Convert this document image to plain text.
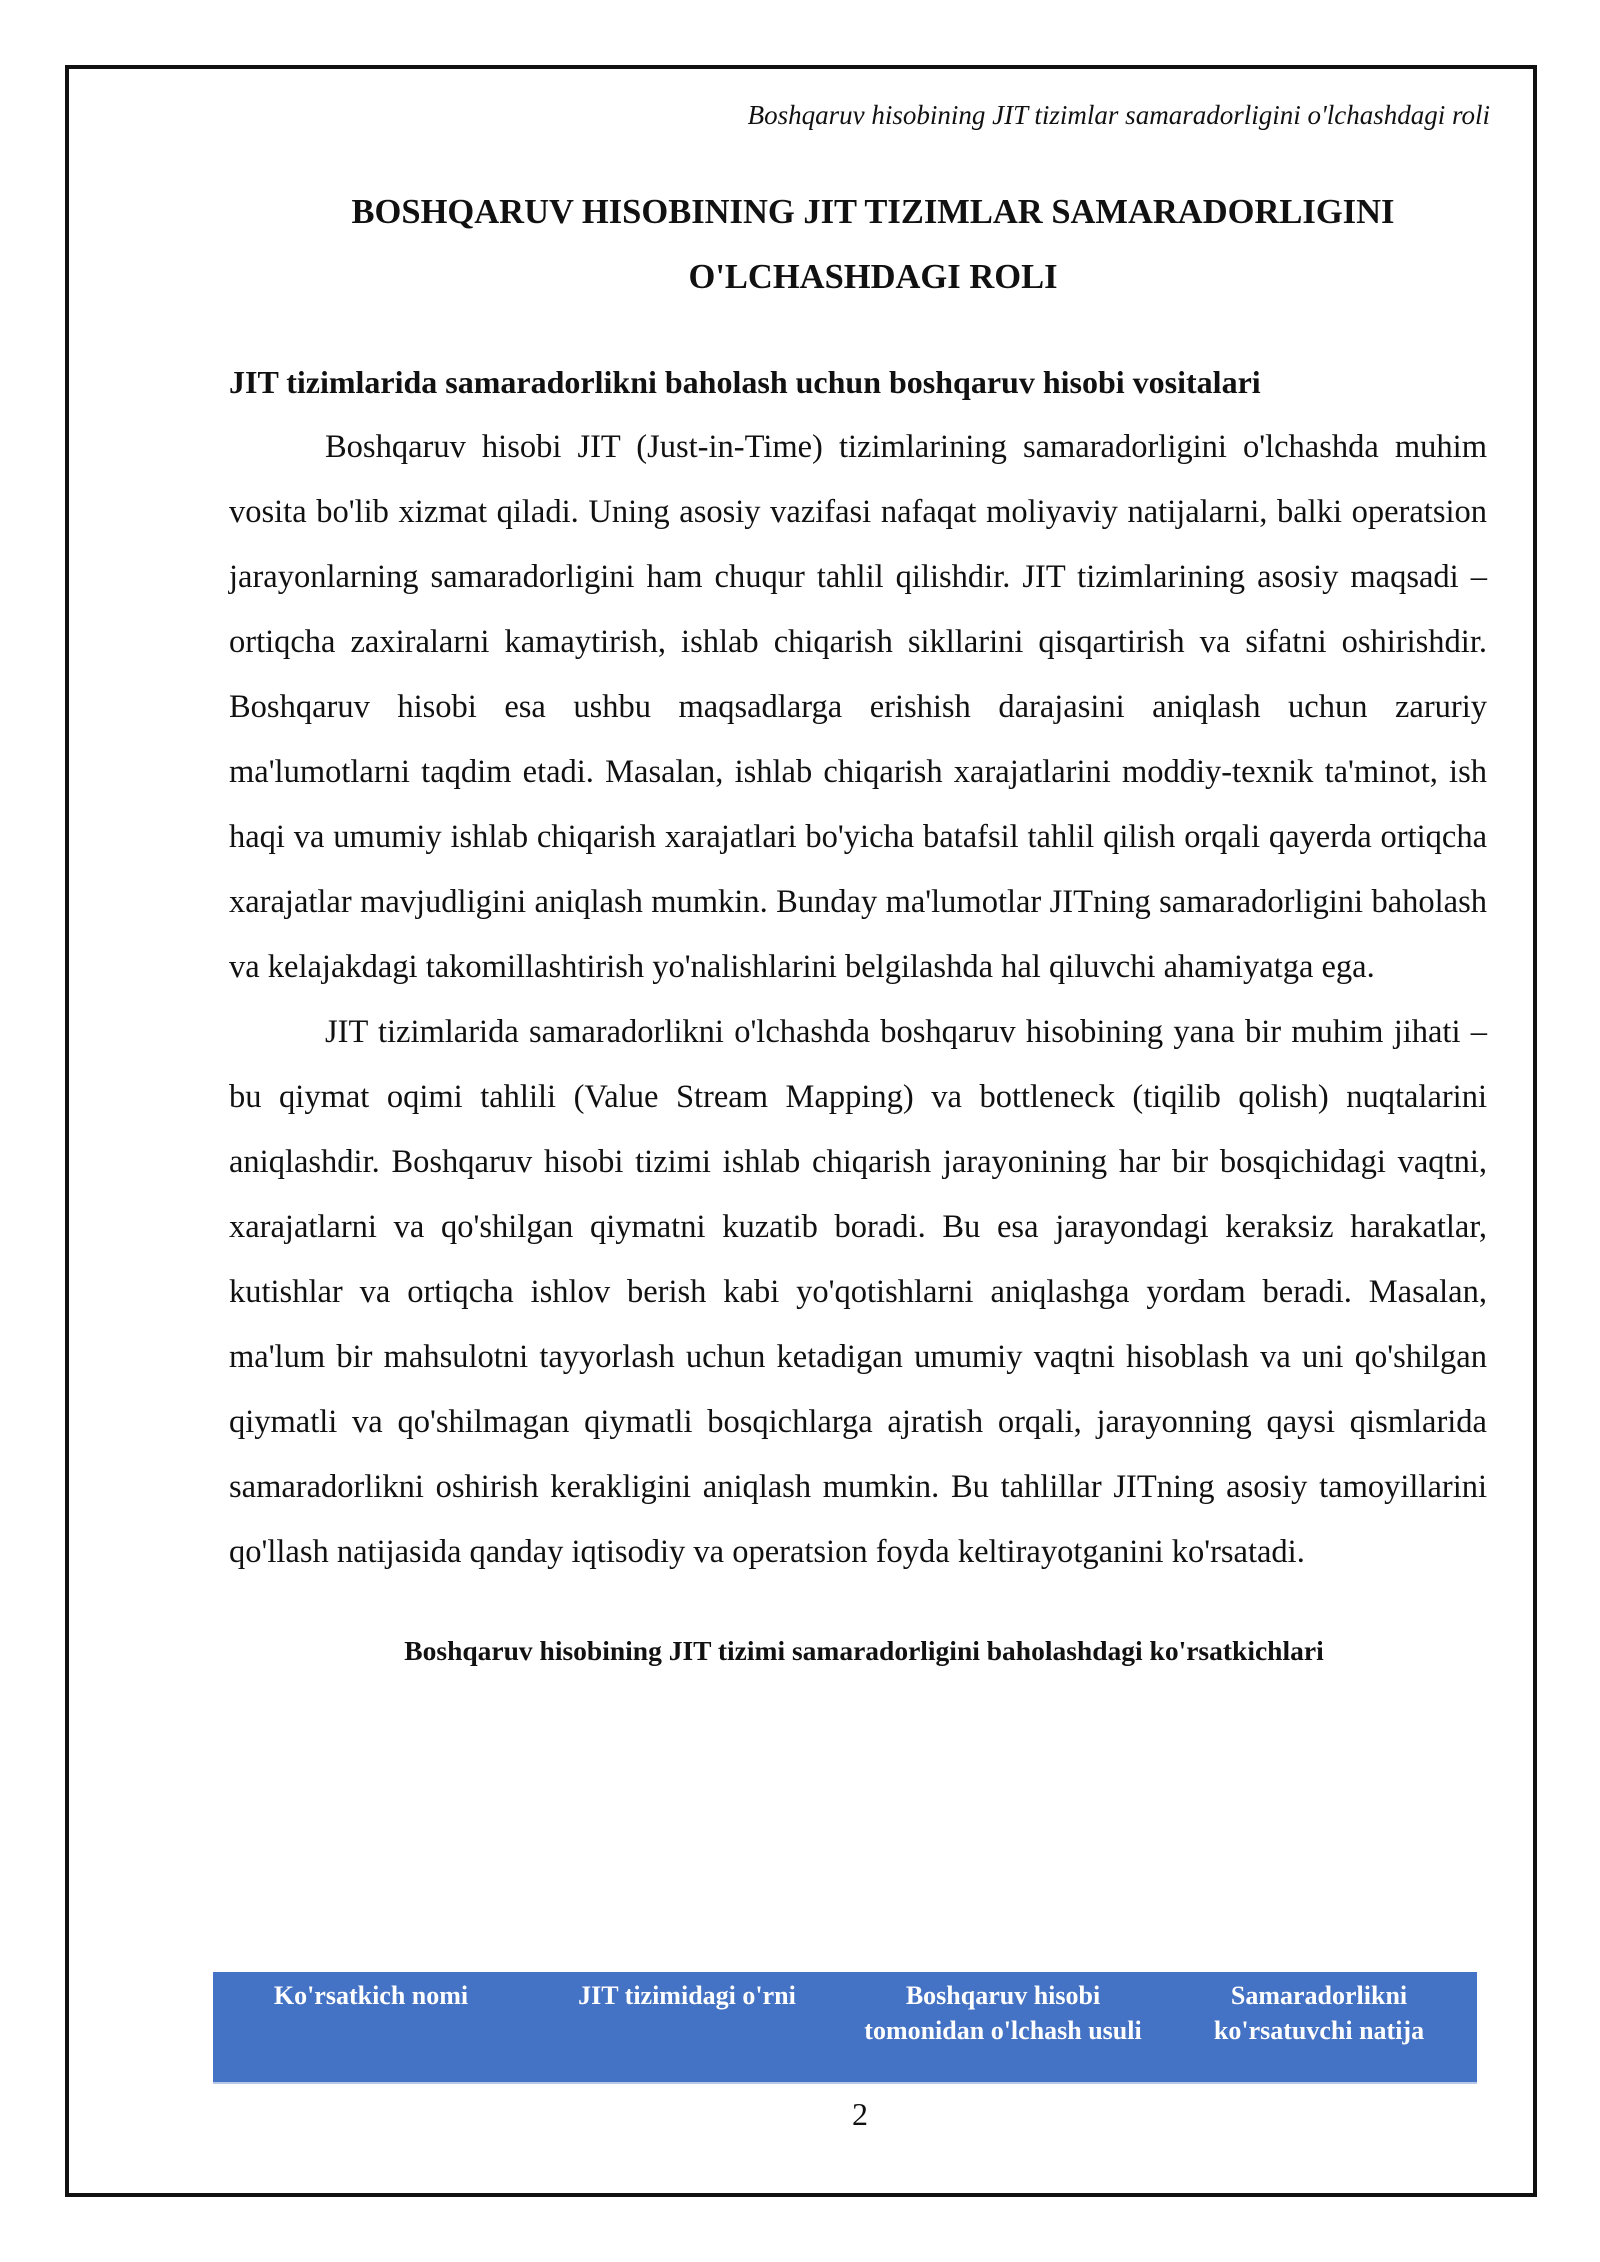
Boshqaruv hisobining JIT tizimlar samaradorligini o'lchashdagi roli
BOSHQARUV HISOBINING JIT TIZIMLAR SAMARADORLIGINI
O'LCHASHDAGI ROLI
JIT tizimlarida samaradorlikni baholash uchun boshqaruv hisobi vositalari

Boshqaruv hisobi JIT (Just-in-Time) tizimlarining samaradorligini o'lchashda muhim vosita bo'lib xizmat qiladi. Uning asosiy vazifasi nafaqat moliyaviy natijalarni, balki operatsion jarayonlarning samaradorligini ham chuqur tahlil qilishdir. JIT tizimlarining asosiy maqsadi – ortiqcha zaxiralarni kamaytirish, ishlab chiqarish sikllarini qisqartirish va sifatni oshirishdir. Boshqaruv hisobi esa ushbu maqsadlarga erishish darajasini aniqlash uchun zaruriy ma'lumotlarni taqdim etadi. Masalan, ishlab chiqarish xarajatlarini moddiy-texnik ta'minot, ish haqi va umumiy ishlab chiqarish xarajatlari bo'yicha batafsil tahlil qilish orqali qayerda ortiqcha xarajatlar mavjudligini aniqlash mumkin. Bunday ma'lumotlar JITning samaradorligini baholash va kelajakdagi takomillashtirish yo'nalishlarini belgilashda hal qiluvchi ahamiyatga ega.

JIT tizimlarida samaradorlikni o'lchashda boshqaruv hisobining yana bir muhim jihati – bu qiymat oqimi tahlili (Value Stream Mapping) va bottleneck (tiqilib qolish) nuqtalarini aniqlashdir. Boshqaruv hisobi tizimi ishlab chiqarish jarayonining har bir bosqichidagi vaqtni, xarajatlarni va qo'shilgan qiymatni kuzatib boradi. Bu esa jarayondagi keraksiz harakatlar, kutishlar va ortiqcha ishlov berish kabi yo'qotishlarni aniqlashga yordam beradi. Masalan, ma'lum bir mahsulotni tayyorlash uchun ketadigan umumiy vaqtni hisoblash va uni qo'shilgan qiymatli va qo'shilmagan qiymatli bosqichlarga ajratish orqali, jarayonning qaysi qismlarida samaradorlikni oshirish kerakligini aniqlash mumkin. Bu tahlillar JITning asosiy tamoyillarini qo'llash natijasida qanday iqtisodiy va operatsion foyda keltirayotganini ko'rsatadi.

Boshqaruv hisobining JIT tizimi samaradorligini baholashdagi ko'rsatkichlari
Ko'rsatkich nomi	JIT tizimidagi o'rni	Boshqaruv hisobi tomonidan o'lchash usuli
Samaradorlikni ko'rsatuvchi natija
2
